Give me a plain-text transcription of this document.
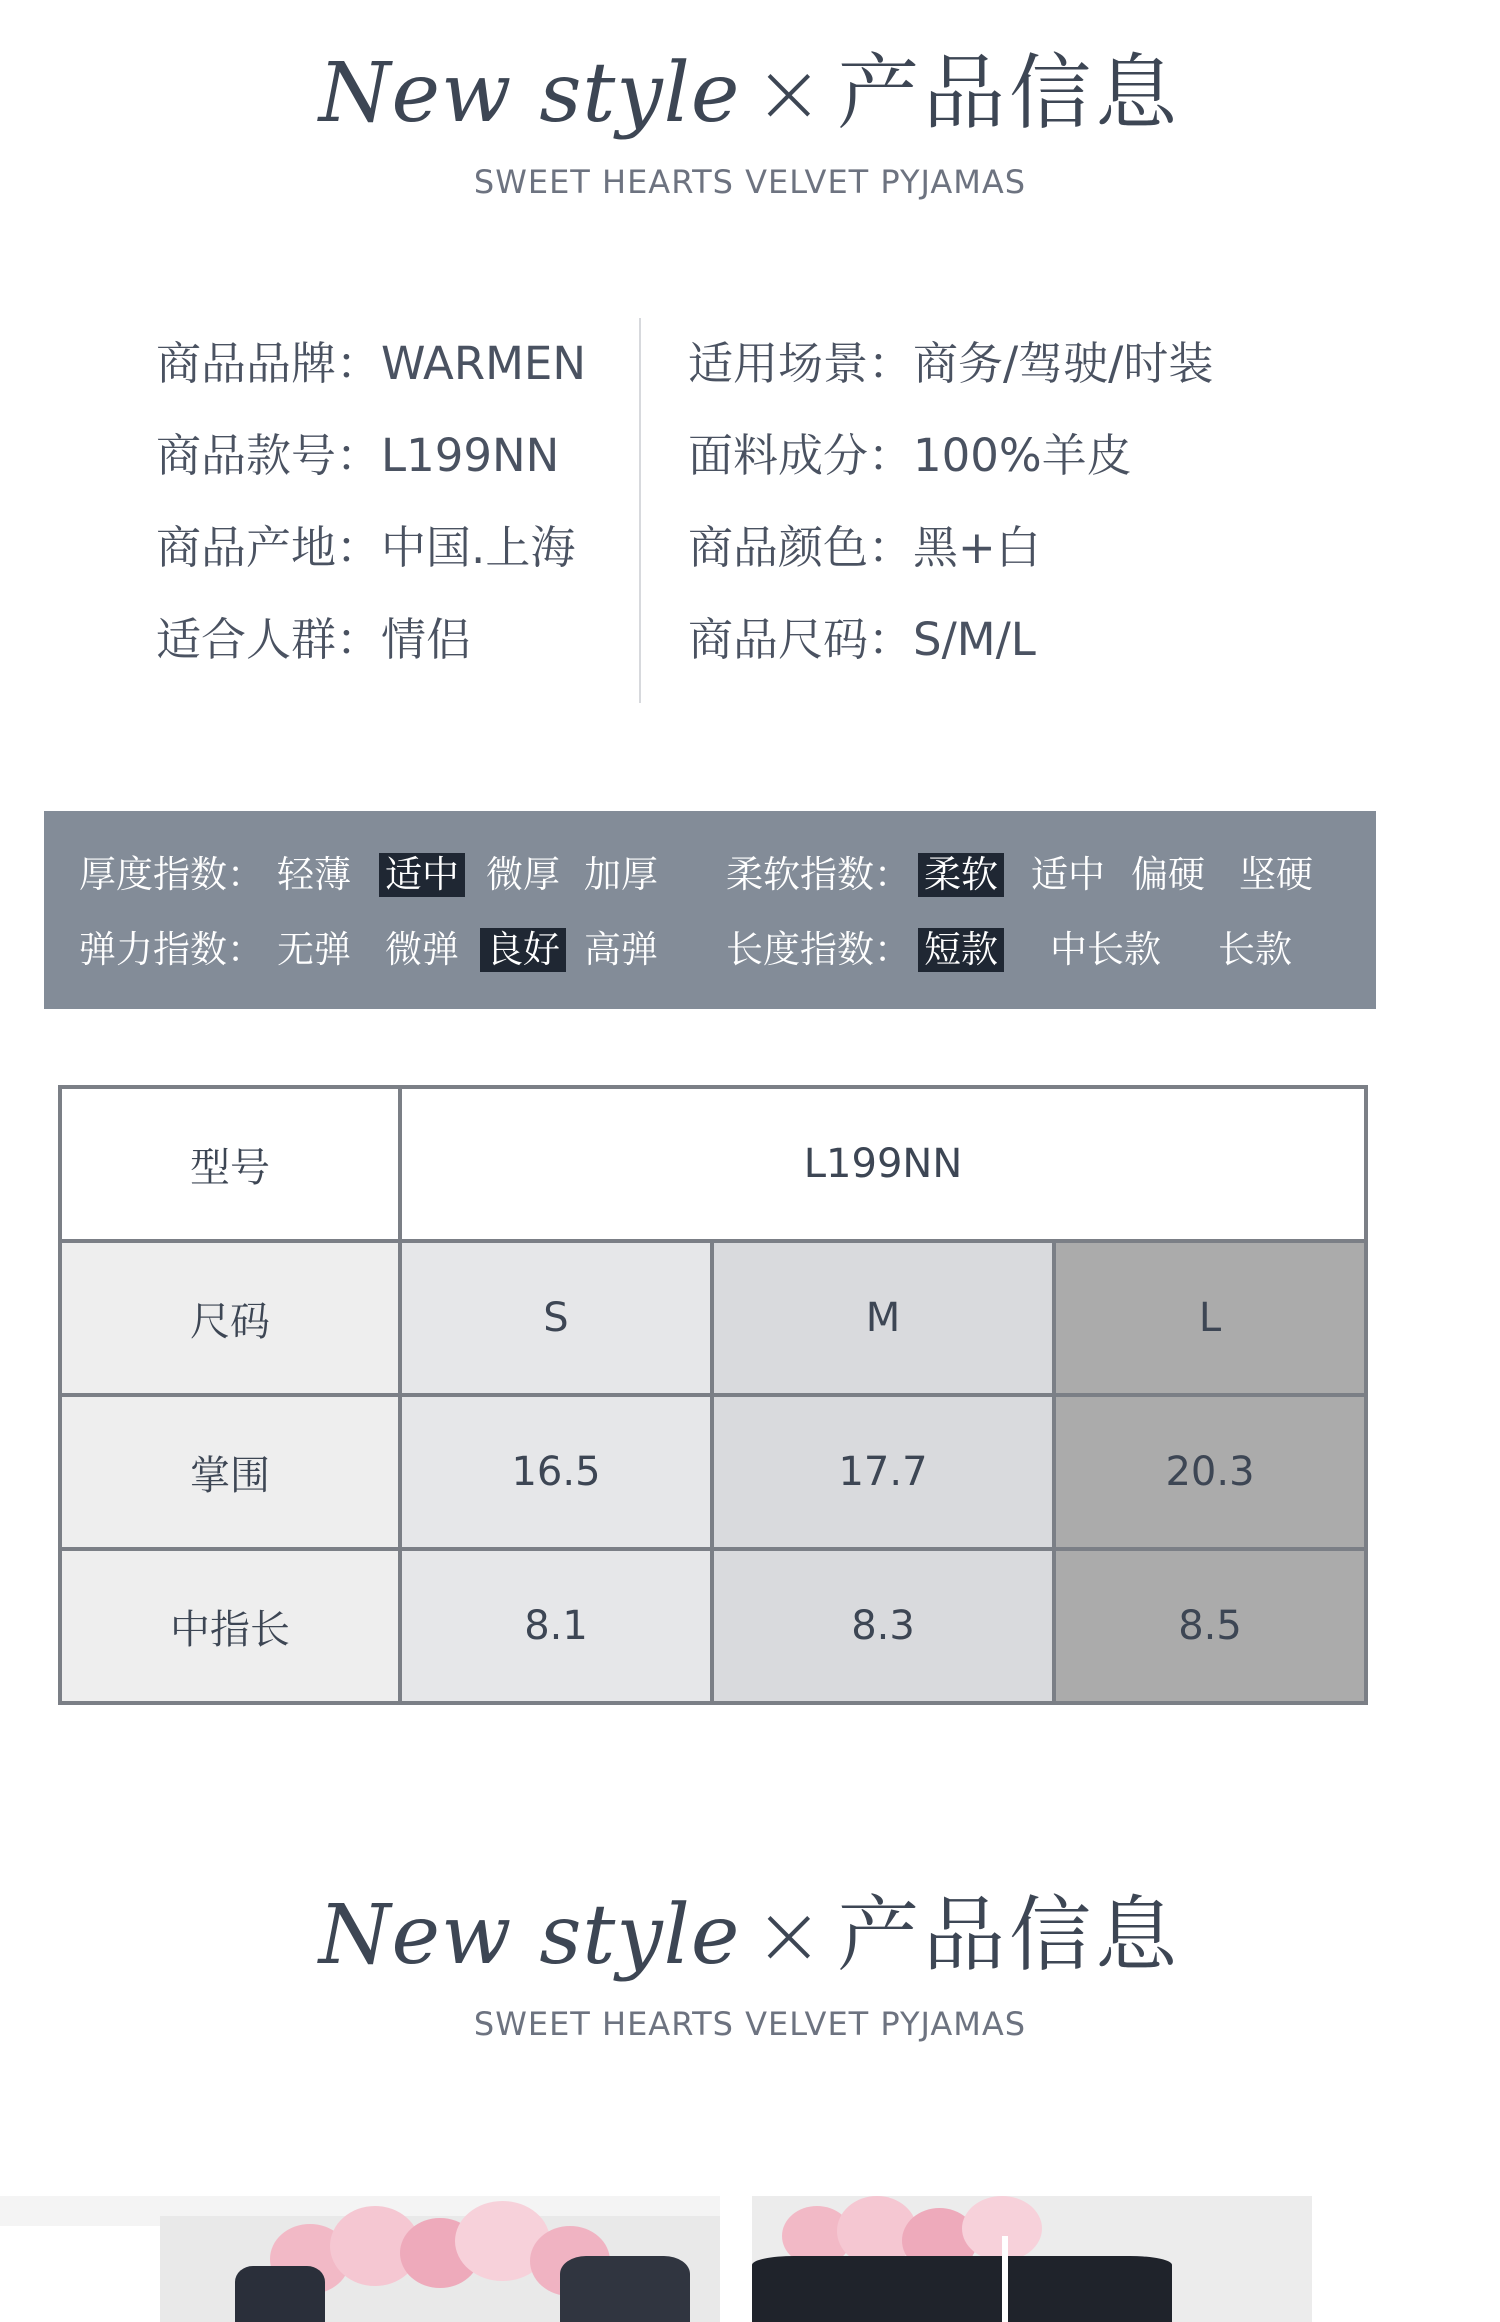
New style × 产品信息
SWEET HEARTS VELVET PYJAMAS
商品品牌：WARMEN
商品款号：L199NN
商品产地：中国.上海
适合人群：情侣
适用场景：商务/驾驶/时装
面料成分：100%羊皮
商品颜色：黑+白
商品尺码：S/M/L
厚度指数： 轻薄 适中 微厚 加厚 柔软指数： 柔软 适中 偏硬 坚硬
弹力指数： 无弹 微弹 良好 高弹 长度指数： 短款 中长款 长款
型号	L199NN		
尺码	S	M	L
掌围	16.5	17.7	20.3
中指长	8.1	8.3	8.5
New style × 产品信息
SWEET HEARTS VELVET PYJAMAS
